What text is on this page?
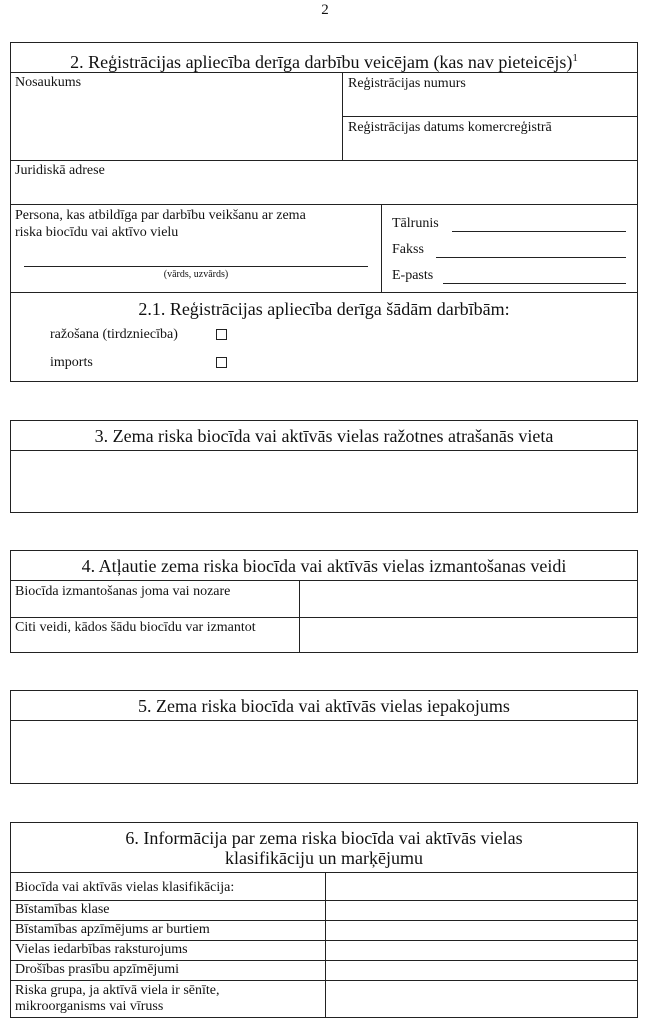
2
2. Reģistrācijas apliecība derīga darbību veicējam (kas nav pieteicējs)$^1$
Nosaukums	Reģistrācijas numurs
Reģistrācijas datums komercreģistrā
Juridiskā adrese
Persona, kas atbildīga par darbību veikšanu ar zema
riska biocīdu vai aktīvo vielu
(vārds, uzvārds)
Tālrunis
Fakss
E-pasts
2.1. Reģistrācijas apliecība derīga šādām darbībām:
ražošana (tirdzniecība)
imports
3. Zema riska biocīda vai aktīvās vielas ražotnes atrašanās vieta
4. Atļautie zema riska biocīda vai aktīvās vielas izmantošanas veidi
Biocīda izmantošanas joma vai nozare
Citi veidi, kādos šādu biocīdu var izmantot
5. Zema riska biocīda vai aktīvās vielas iepakojums
6. Informācija par zema riska biocīda vai aktīvās vielas
klasifikāciju un marķējumu
Biocīda vai aktīvās vielas klasifikācija:
Bīstamības klase
Bīstamības apzīmējums ar burtiem
Vielas iedarbības raksturojums
Drošības prasību apzīmējumi
Riska grupa, ja aktīvā viela ir sēnīte,
mikroorganisms vai vīruss
